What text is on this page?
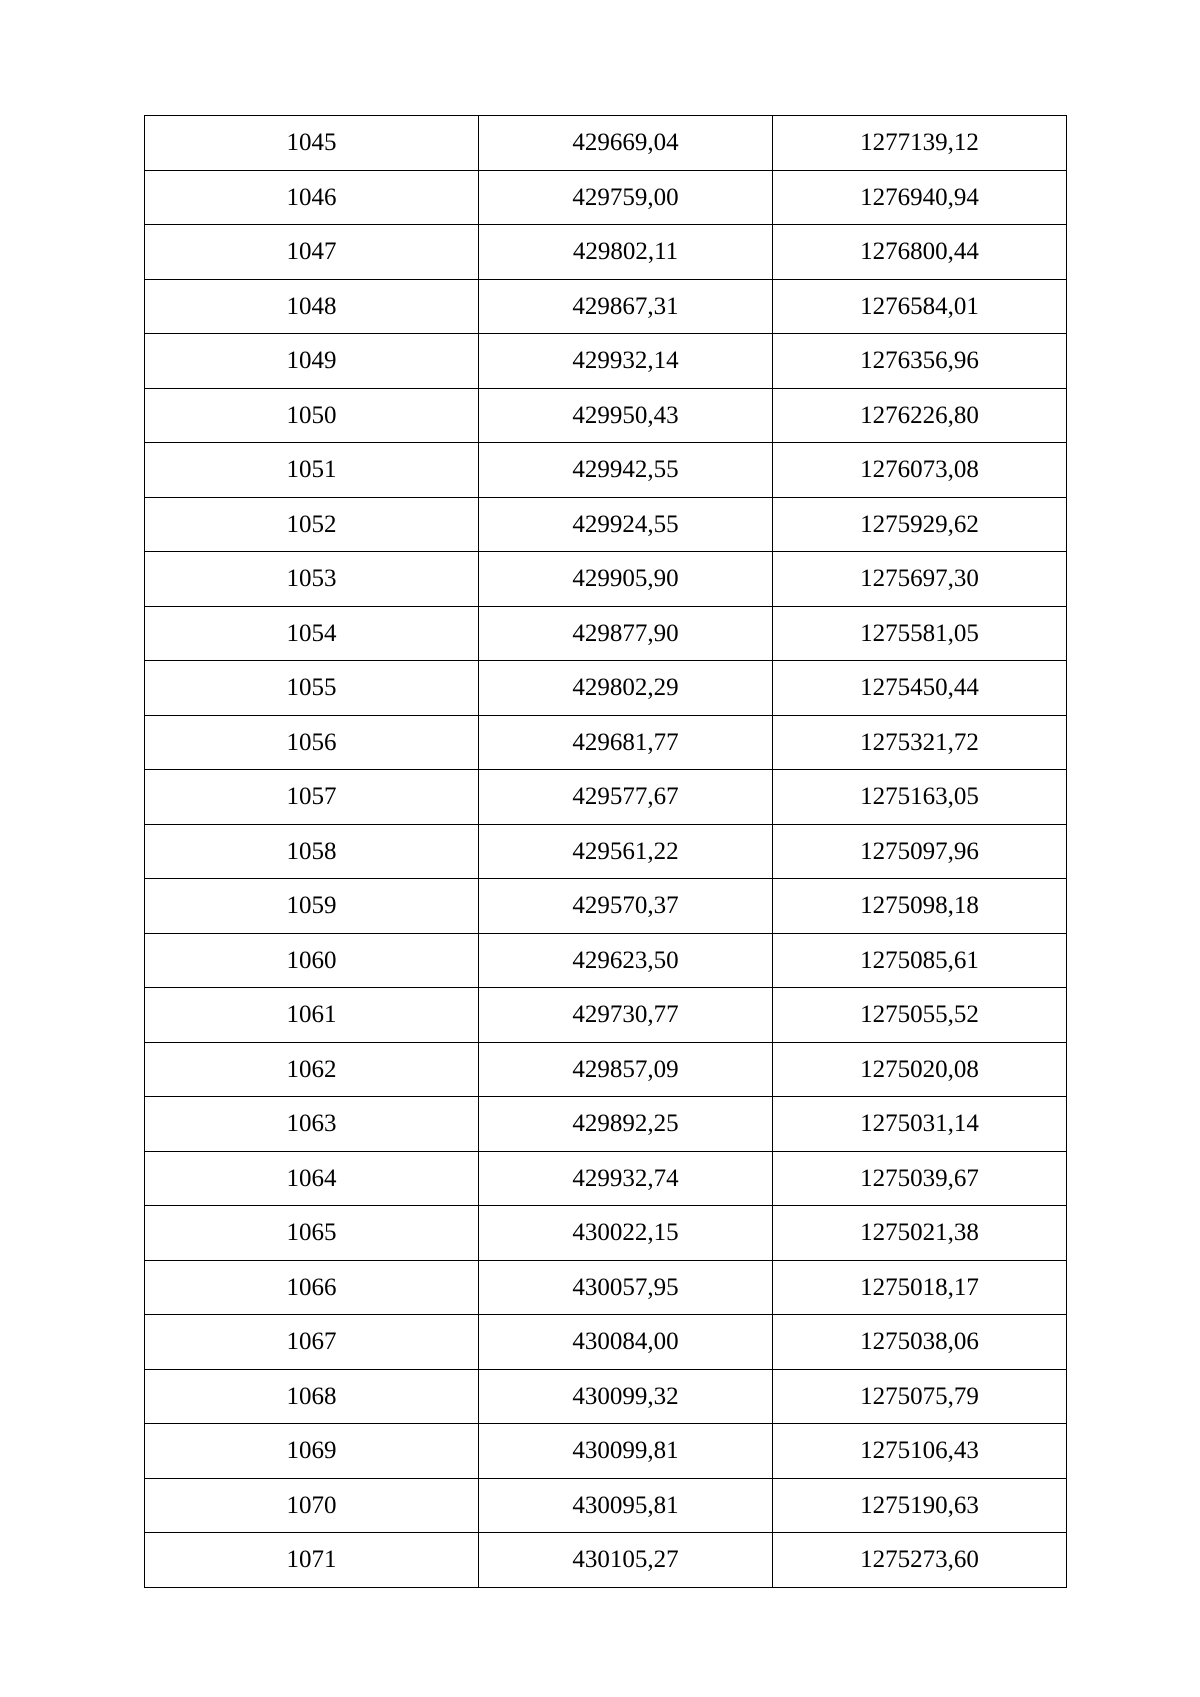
1045	429669,04	1277139,12
1046	429759,00	1276940,94
1047	429802,11	1276800,44
1048	429867,31	1276584,01
1049	429932,14	1276356,96
1050	429950,43	1276226,80
1051	429942,55	1276073,08
1052	429924,55	1275929,62
1053	429905,90	1275697,30
1054	429877,90	1275581,05
1055	429802,29	1275450,44
1056	429681,77	1275321,72
1057	429577,67	1275163,05
1058	429561,22	1275097,96
1059	429570,37	1275098,18
1060	429623,50	1275085,61
1061	429730,77	1275055,52
1062	429857,09	1275020,08
1063	429892,25	1275031,14
1064	429932,74	1275039,67
1065	430022,15	1275021,38
1066	430057,95	1275018,17
1067	430084,00	1275038,06
1068	430099,32	1275075,79
1069	430099,81	1275106,43
1070	430095,81	1275190,63
1071	430105,27	1275273,60
